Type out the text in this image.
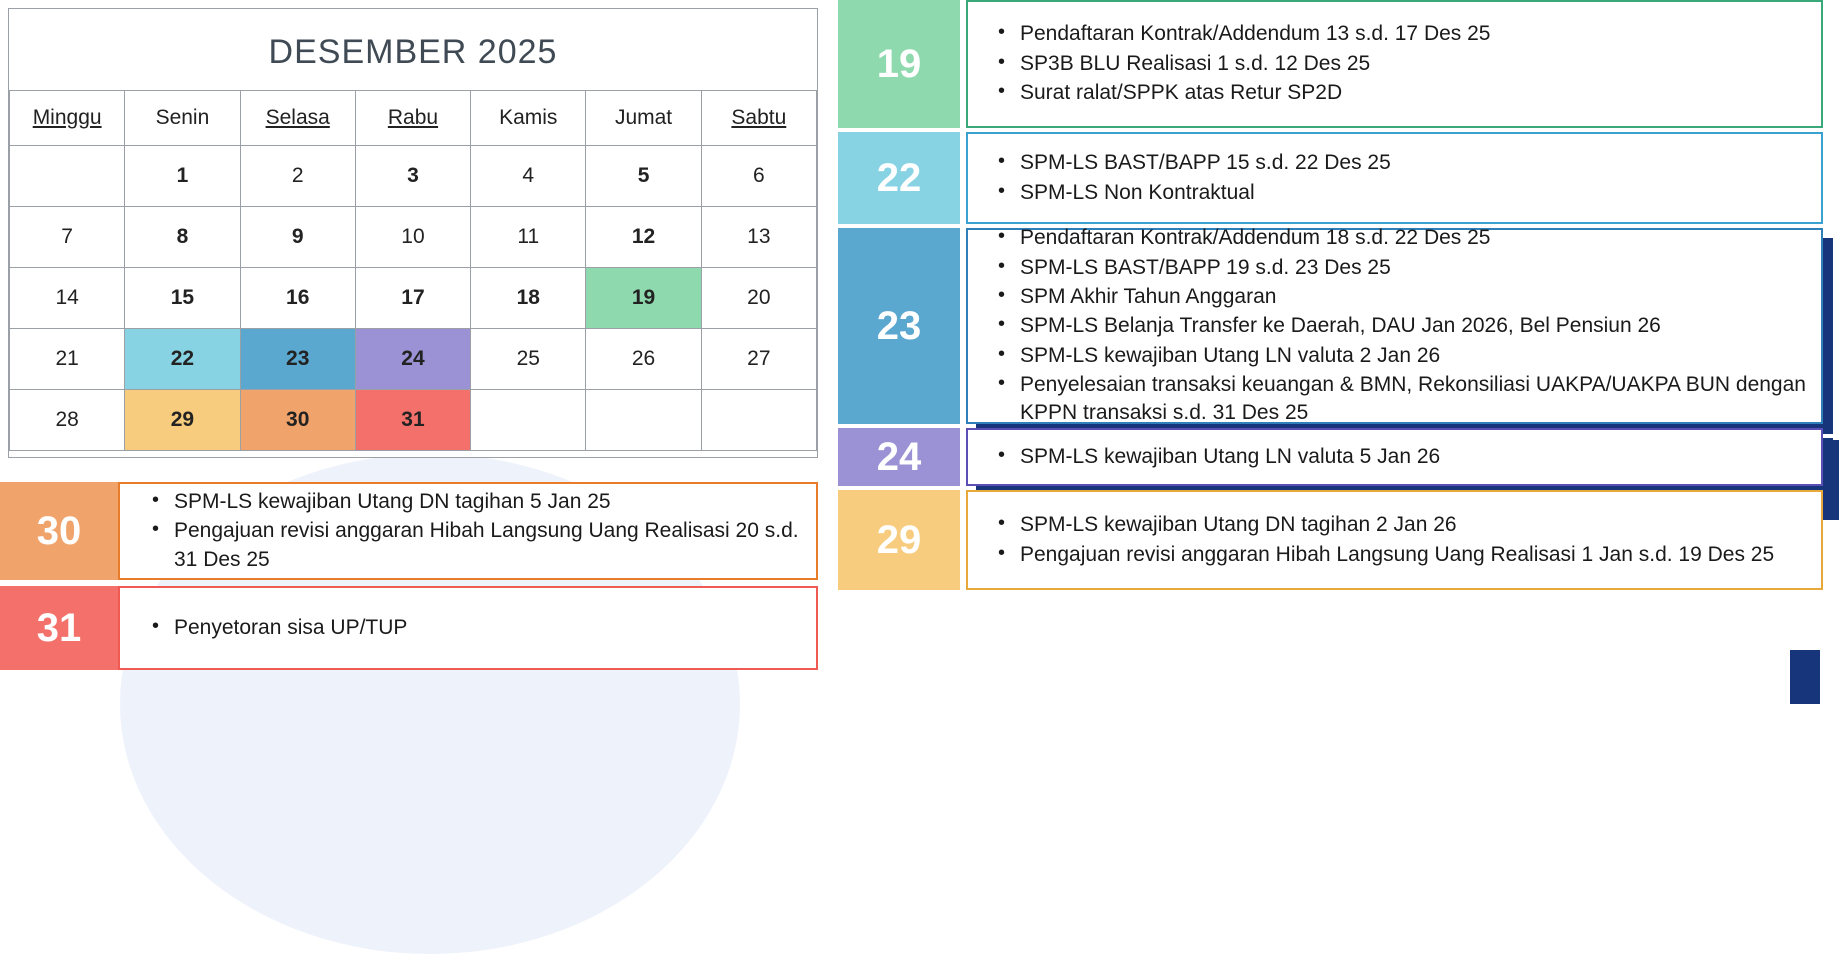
DESEMBER 2025
Minggu	Senin	Selasa	Rabu	Kamis	Jumat	Sabtu
	1	2	3	4	5	6
7	8	9	10	11	12	13
14	15	16	17	18	19	20
21	22	23	24	25	26	27
28	29	30	31			
30
• SPM-LS kewajiban Utang DN tagihan 5 Jan 25
• Pengajuan revisi anggaran Hibah Langsung Uang Realisasi 20 s.d. 31 Des 25
31	• Penyetoran sisa UP/TUP
19
• Pendaftaran Kontrak/Addendum 13 s.d. 17 Des 25
• SP3B BLU Realisasi 1 s.d. 12 Des 25
• Surat ralat/SPPK atas Retur SP2D
22	• SPM-LS BAST/BAPP 15 s.d. 22 Des 25
• SPM-LS Non Kontraktual
23
• Pendaftaran Kontrak/Addendum 18 s.d. 22 Des 25
• SPM-LS BAST/BAPP 19 s.d. 23 Des 25
• SPM Akhir Tahun Anggaran
• SPM-LS Belanja Transfer ke Daerah, DAU Jan 2026, Bel Pensiun 26
• SPM-LS kewajiban Utang LN valuta 2 Jan 26
• Penyelesaian transaksi keuangan & BMN, Rekonsiliasi UAKPA/UAKPA BUN dengan KPPN transaksi s.d. 31 Des 25
24	• SPM-LS kewajiban Utang LN valuta 5 Jan 26
29	• SPM-LS kewajiban Utang DN tagihan 2 Jan 26
• Pengajuan revisi anggaran Hibah Langsung Uang Realisasi 1 Jan s.d. 19 Des 25
